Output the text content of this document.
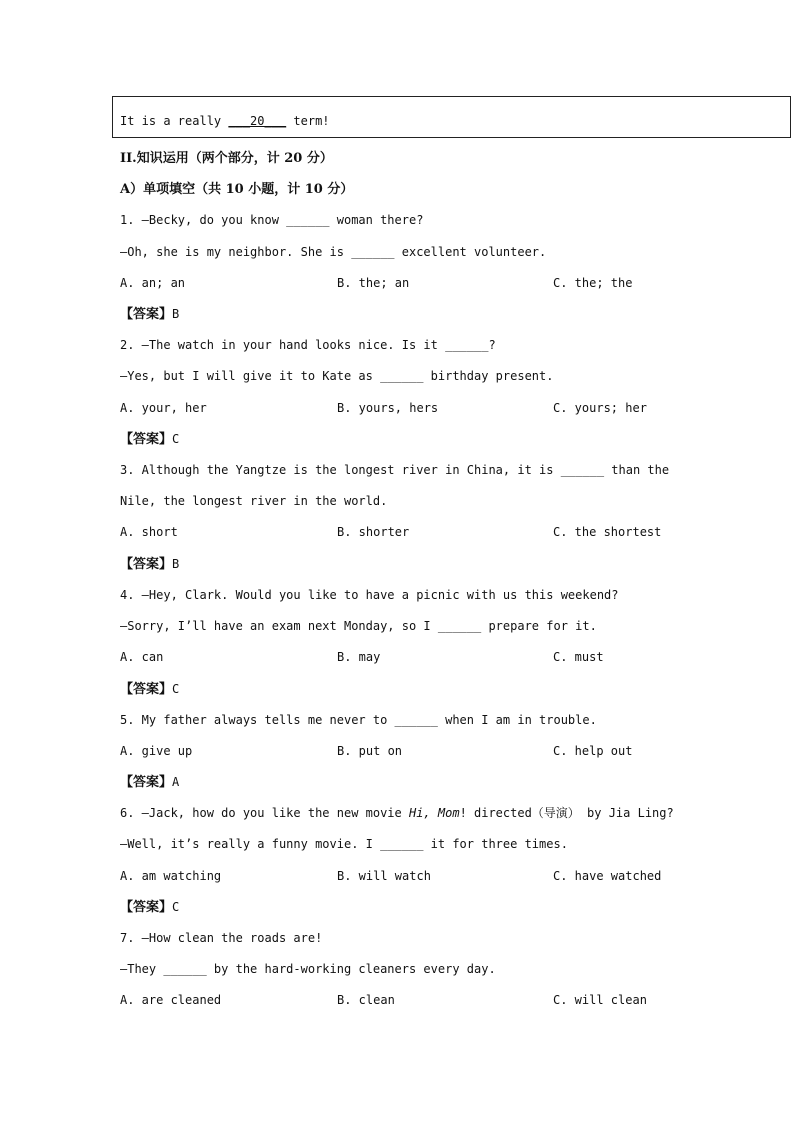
It is a really ___20___ term!
II.知识运用（两个部分，计 20 分）
A）单项填空（共 10 小题，计 10 分）
1. —Becky, do you know ______ woman there?
—Oh, she is my neighbor. She is ______ excellent volunteer.
A. an; an	B. the; an	C. the; the
【答案】B
2. —The watch in your hand looks nice. Is it ______?
—Yes, but I will give it to Kate as ______ birthday present.
A. your, her	B. yours, hers	C. yours; her
【答案】C
3. Although the Yangtze is the longest river in China, it is ______ than the
Nile, the longest river in the world.
A. short	B. shorter	C. the shortest
【答案】B
4. —Hey, Clark. Would you like to have a picnic with us this weekend?
—Sorry, I’ll have an exam next Monday, so I ______ prepare for it.
A. can	B. may	C. must
【答案】C
5. My father always tells me never to ______ when I am in trouble.
A. give up	B. put on	C. help out
【答案】A
6. —Jack, how do you like the new movie Hi, Mom! directed（导演） by Jia Ling?
—Well, it’s really a funny movie. I ______ it for three times.
A. am watching	B. will watch	C. have watched
【答案】C
7. —How clean the roads are!
—They ______ by the hard-working cleaners every day.
A. are cleaned	B. clean	C. will clean
